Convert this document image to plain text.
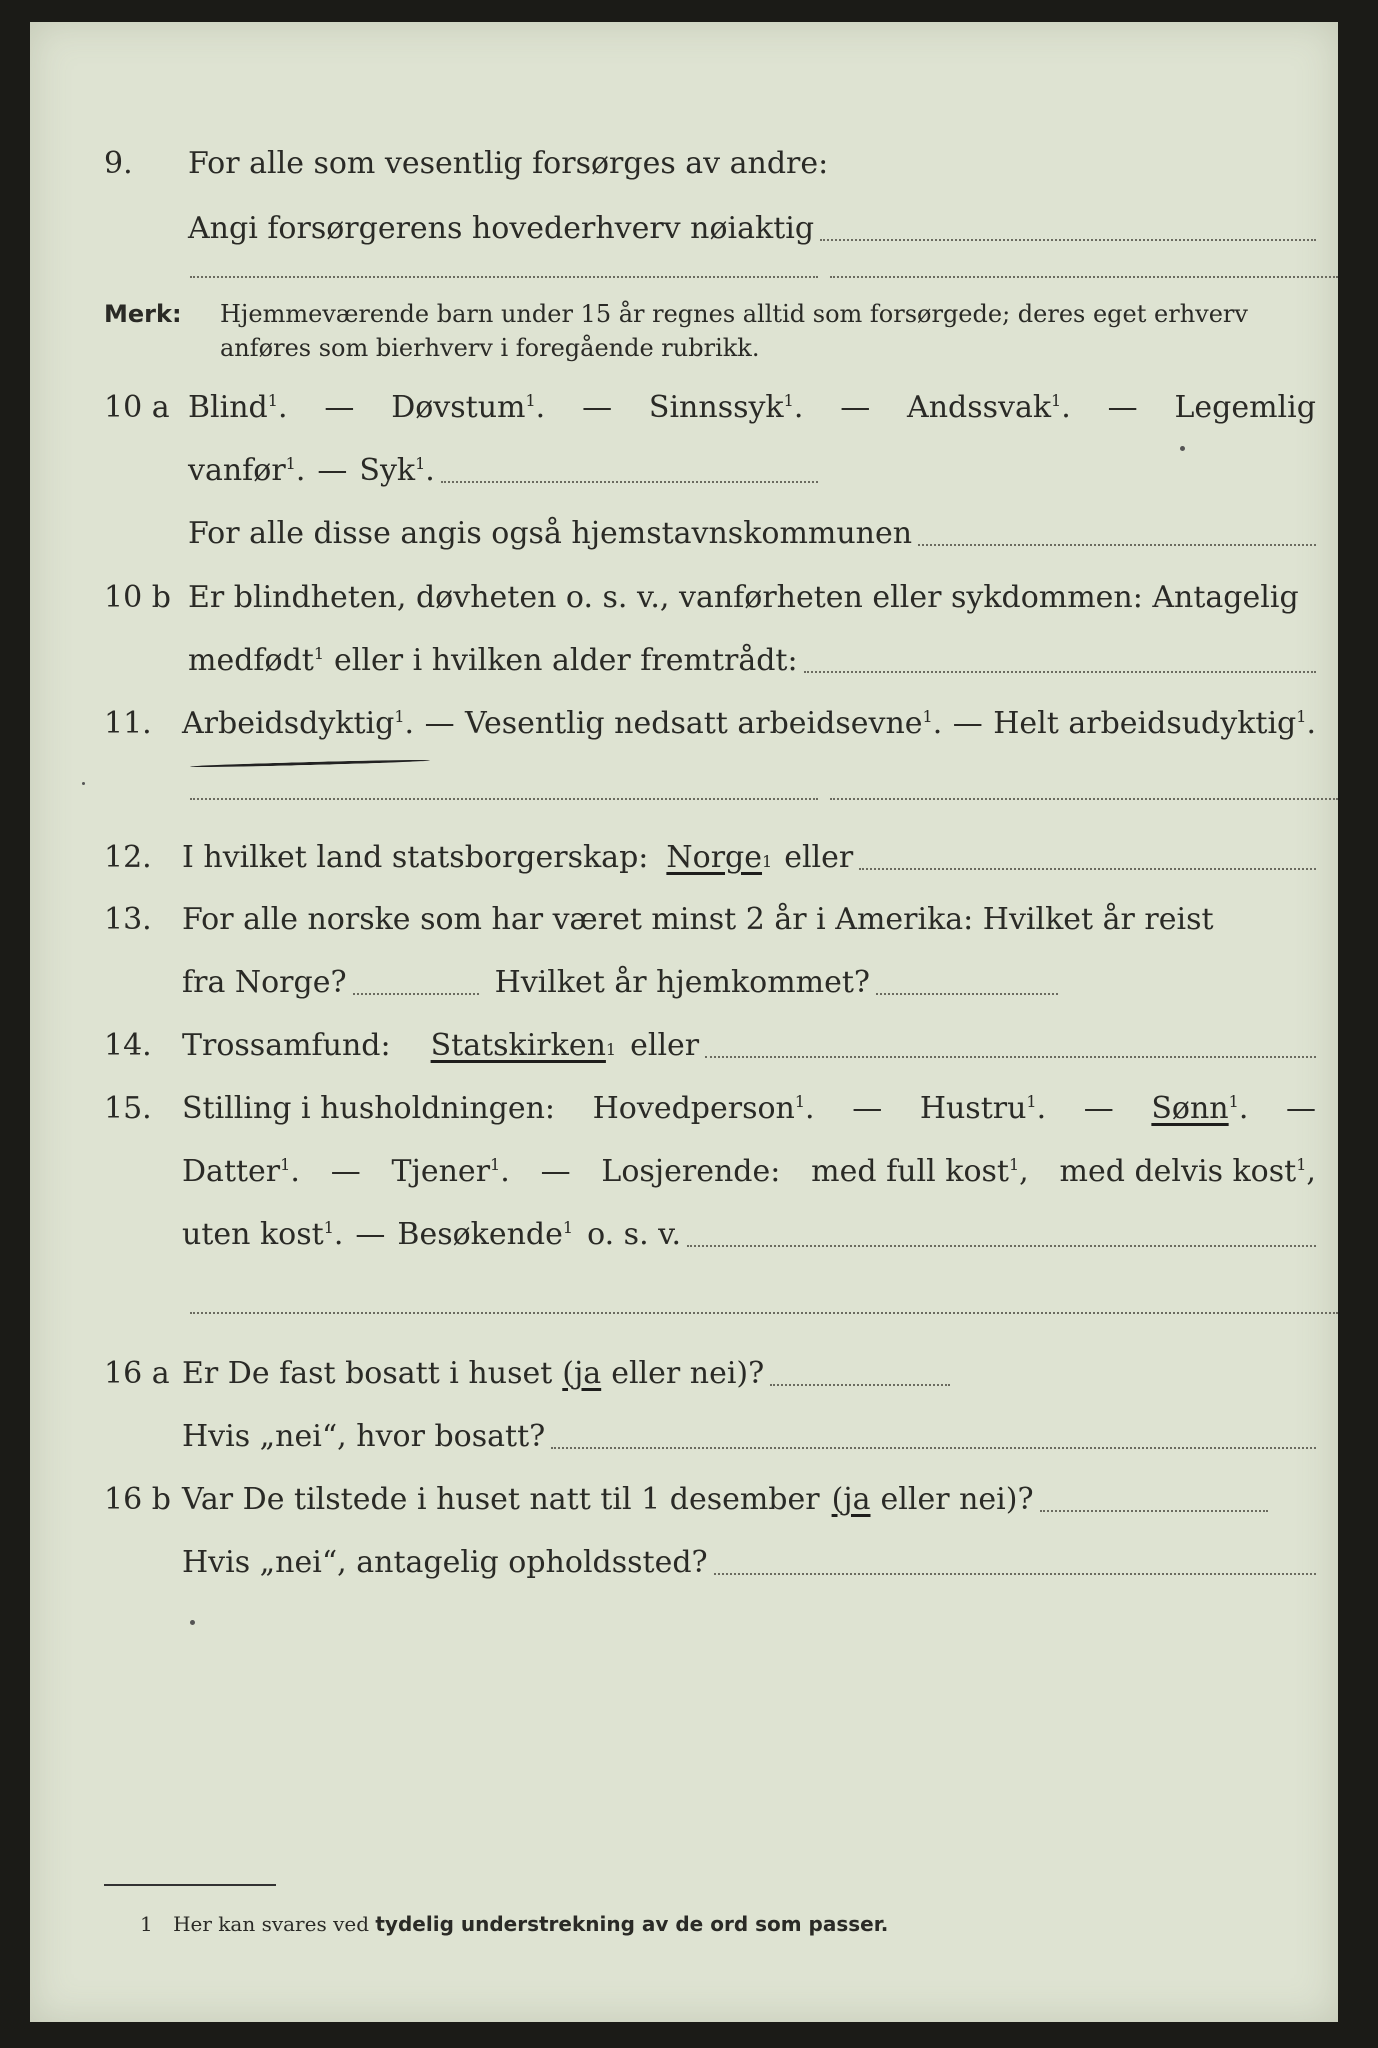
9. For alle som vesentlig forsørges av andre:
Angi forsørgerens hovederhverv nøiaktig
Merk: Hjemmeværende barn under 15 år regnes alltid som forsørgede; deres eget erhverv
anføres som bierhverv i foregående rubrikk.
10 a Blind$^1$. — Døvstum$^1$. — Sinnssyk$^1$. — Andssvak$^1$. — Legemlig
vanfør$^1$. — Syk$^1$.
For alle disse angis også hjemstavnskommunen
10 b Er blindheten, døvheten o. s. v., vanførheten eller sykdommen: Antagelig
medfødt$^1$ eller i hvilken alder fremtrådt:
11. Arbeidsdyktig$^1$. — Vesentlig nedsatt arbeidsevne$^1$. — Helt arbeidsudyktig$^1$.
12. I hvilket land statsborgerskap: Norge 1 eller
13. For alle norske som har været minst 2 år i Amerika: Hvilket år reist
fra Norge?	Hvilket år hjemkommet?
14. Trossamfund: Statskirken 1 eller
15. Stilling i husholdningen: Hovedperson$^1$. — Hustru$^1$. — Sønn$^1$. —
Datter$^1$. — Tjener$^1$. — Losjerende: med full kost$^1$, med delvis kost$^1$,
uten kost$^1$. — Besøkende$^1$ o. s. v.
16 a Er De fast bosatt i huset (ja eller nei)?
Hvis „nei“, hvor bosatt?
16 b Var De tilstede i huset natt til 1 desember (ja eller nei)?
Hvis „nei“, antagelig opholdssted?
1 Her kan svares ved tydelig understrekning av de ord som passer.
